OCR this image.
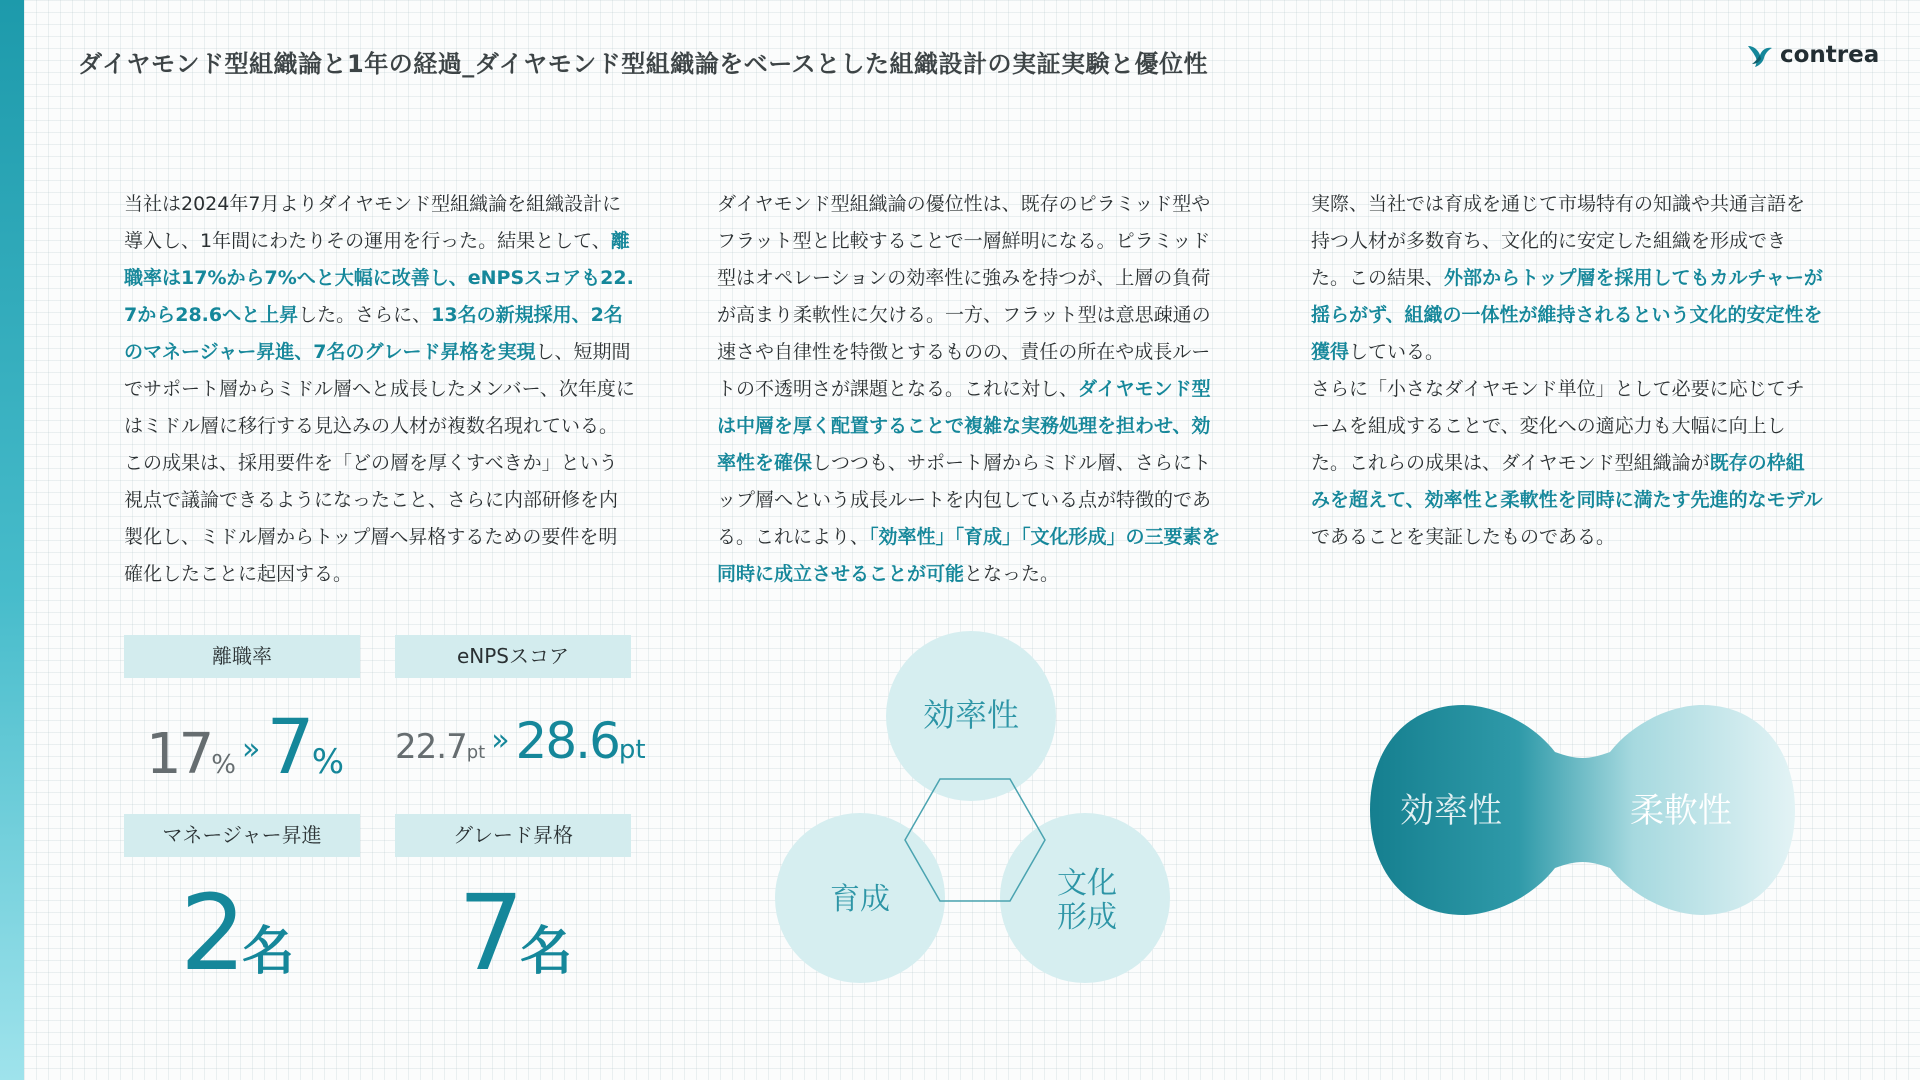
ダイヤモンド型組織論と1年の経過_ダイヤモンド型組織論をベースとした組織設計の実証実験と優位性	contrea
当社は2024年7月よりダイヤモンド型組織論を組織設計に導入し、1年間にわたりその運用を行った。結果として、離職率は17%から7%へと大幅に改善し、eNPSスコアも22.7から28.6へと上昇した。さらに、13名の新規採用、2名のマネージャー昇進、7名のグレード昇格を実現し、短期間でサポート層からミドル層へと成長したメンバー、次年度にはミドル層に移行する見込みの人材が複数名現れている。この成果は、採用要件を「どの層を厚くすべきか」という視点で議論できるようになったこと、さらに内部研修を内製化し、ミドル層からトップ層へ昇格するための要件を明確化したことに起因する。
ダイヤモンド型組織論の優位性は、既存のピラミッド型やフラット型と比較することで一層鮮明になる。ピラミッド型はオペレーションの効率性に強みを持つが、上層の負荷が高まり柔軟性に欠ける。一方、フラット型は意思疎通の速さや自律性を特徴とするものの、責任の所在や成長ルートの不透明さが課題となる。これに対し、ダイヤモンド型は中層を厚く配置することで複雑な実務処理を担わせ、効率性を確保しつつも、サポート層からミドル層、さらにトップ層へという成長ルートを内包している点が特徴的である。これにより、「効率性」「育成」「文化形成」の三要素を同時に成立させることが可能となった。
実際、当社では育成を通じて市場特有の知識や共通言語を持つ人材が多数育ち、文化的に安定した組織を形成できた。この結果、外部からトップ層を採用してもカルチャーが揺らがず、組織の一体性が維持されるという文化的安定性を獲得している。
さらに「小さなダイヤモンド単位」として必要に応じてチームを組成することで、変化への適応力も大幅に向上した。これらの成果は、ダイヤモンド型組織論が既存の枠組みを超えて、効率性と柔軟性を同時に満たす先進的なモデルであることを実証したものである。
離職率	eNPSスコア
17% »7% 22.7pt » 28.6pt
マネージャー昇進	グレード昇格
2名 7名
効率性
育成	文化
形成
効率性	柔軟性
